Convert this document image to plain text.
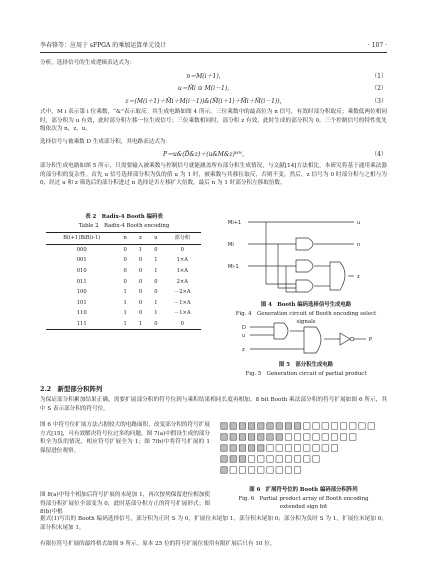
李春锋等：应用于 sFPGA 的乘加运算单元设计	· 107 ·
分析，选择信号的生成逻辑表达式为：
n＝M(i＋1)，	（1）
u＝M̄i ⊙ M(i－1)，	（2）
z＝(M(i＋1)＋M̄i＋M(i－1))&(M̄(i＋1)＋M̄i＋M̄(i－1))，	（3）
式中，M i 表示第 i 位乘数，“&”表示取反。其生成电路如图 4 所示。三位乘数中的最高位为 n 信号，有效时部分积取反；乘数低两位相同时，部分积为 u 有效，此时部分积左移一位生成信号；三位乘数相同时，部分积 z 有效，此时生成的部分积为 0。三个控制信号的特性优先级依次为 n，z，u。
选择信号与被乘数 D 生成部分积，其电路表达式为：
P＝u&(D̄&z)＋(u&M&z)ᵂᴺ，	（4）
部分积生成电路如图 5 所示，只需要输入被乘数与控制信号就能涵盖所有部分积生成情况，与文献[14]方法相比，本研究将基于通用乘法器的部分积的复杂性。首先 u 信号选择部分积为负的值 u 为 1 时，被乘数与其移位取反，否则不变。然后，z 信号为 0 时部分积与之相与为 0，经过 u 和 z 筛选后的部分积进过 n 选择是否左移扩大倍数。最后 n 为 1 时部分积左移取倍数。
表 2　Radix-4 Booth 编码表
Table 2　Radix-4 Booth encoding
B(i+1)BiB(i-1)	n	z	u	部分积
000	0	1	0	0
001	0	0	1	1×A
010	0	0	1	1×A
011	0	0	0	2×A
100	1	0	0	－2×A
101	1	0	1	－1×A
110	1	0	1	－1×A
111	1	1	0	0
Mi+1
Mi
Mi-1
u
n
z
图 4　Booth 编码选择信号生成电路
Fig. 4　Generation circuit of Booth encoding select signals
D
u
z
P
图 5　部分积生成电路
Fig. 5　Generation circuit of partial product
2.2　新型部分积阵列
为保证部分积累加结果正确，需要扩展部分积的符号位到与乘积结果相同长度再相加。8 bit Booth 乘法部分积的符号扩展如图 6 所示，其中 S 表示部分积的符号位。
图 6 中符号位扩展方法占据较大的电路面积，改变部分积的符号扩展方式[15]，可有效解决符号位过多的问题。图 7(a)中假设生成的部分积全为负的情况，相应符号扩展全为 1；图 7(b)中将符号扩展的 1 保留进位观察。
图 8(a)中每个相加后符号扩展的末尾加 1，再次按列保留进位相加使得部分积扩展位全部变为 0，此时基部分积方正的符号扩展形式；图 8(b)中根
图 6　扩展符号位的 Booth 编码部分积阵列
Fig. 6　Partial product array of Booth encoding
extended sign bit
据式(1)写出的 Booth 编码选择信号，部分积为正时 S 为 0，扩展位末尾加 1，部分积末尾加 0；部分积为负时 S 为 1，扩展位末尾加 0，部分积末尾加 1。
有限位符号扩展的最终格式如图 9 所示。原本 25 位的符号扩展位使用有限扩展后只有 10 位。
